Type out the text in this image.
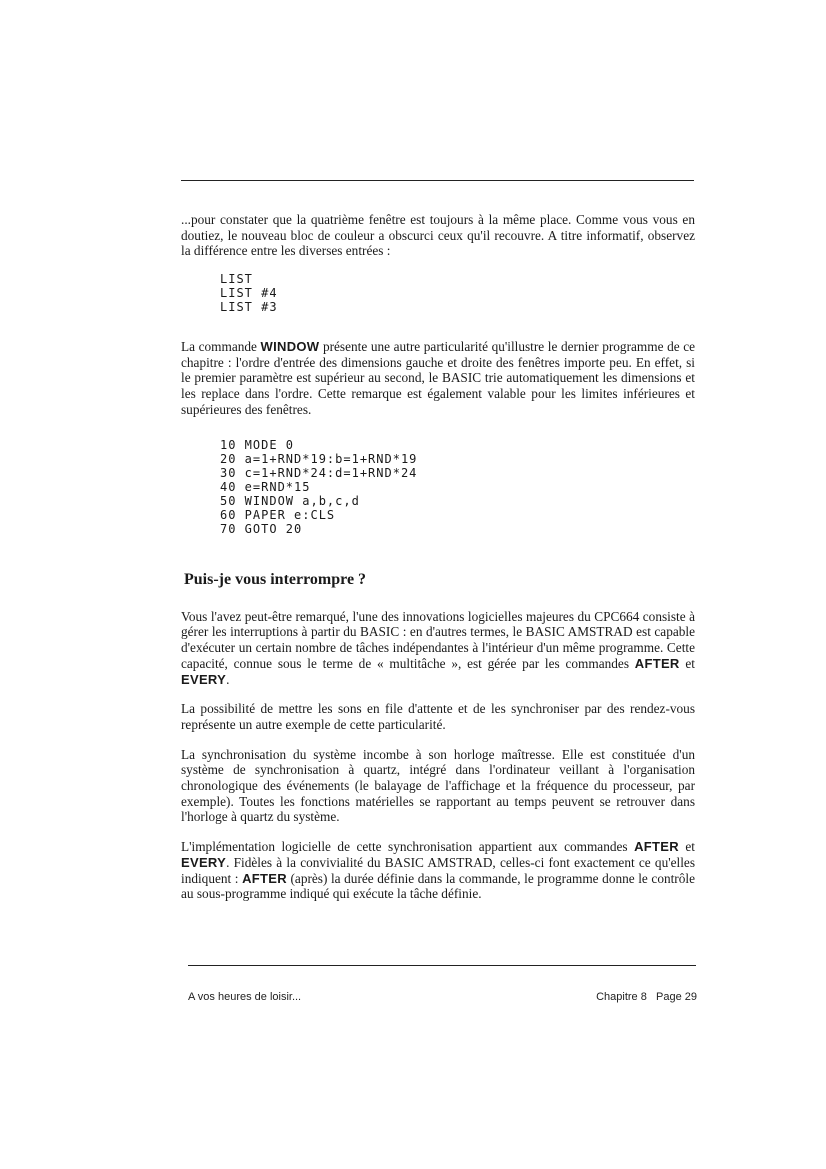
...pour constater que la quatrième fenêtre est toujours à la même place. Comme vous vous en doutiez, le nouveau bloc de couleur a obscurci ceux qu'il recouvre. A titre informatif, observez la différence entre les diverses entrées :

LIST
LIST #4
LIST #3

La commande WINDOW présente une autre particularité qu'illustre le dernier programme de ce chapitre : l'ordre d'entrée des dimensions gauche et droite des fenêtres importe peu. En effet, si le premier paramètre est supérieur au second, le BASIC trie automatiquement les dimensions et les replace dans l'ordre. Cette remarque est également valable pour les limites inférieures et supérieures des fenêtres.

10 MODE 0
20 a=1+RND*19:b=1+RND*19
30 c=1+RND*24:d=1+RND*24
40 e=RND*15
50 WINDOW a,b,c,d
60 PAPER e:CLS
70 GOTO 20
Puis-je vous interrompre ?

Vous l'avez peut-être remarqué, l'une des innovations logicielles majeures du CPC664 consiste à gérer les interruptions à partir du BASIC : en d'autres termes, le BASIC AMSTRAD est capable d'exécuter un certain nombre de tâches indépendantes à l'intérieur d'un même programme. Cette capacité, connue sous le terme de « multitâche », est gérée par les commandes AFTER et EVERY.

La possibilité de mettre les sons en file d'attente et de les synchroniser par des rendez-vous représente un autre exemple de cette particularité.

La synchronisation du système incombe à son horloge maîtresse. Elle est constituée d'un système de synchronisation à quartz, intégré dans l'ordinateur veillant à l'organisation chronologique des événements (le balayage de l'affichage et la fréquence du processeur, par exemple). Toutes les fonctions matérielles se rapportant au temps peuvent se retrouver dans l'horloge à quartz du système.

L'implémentation logicielle de cette synchronisation appartient aux commandes AFTER et EVERY. Fidèles à la convivialité du BASIC AMSTRAD, celles-ci font exactement ce qu'elles indiquent : AFTER (après) la durée définie dans la commande, le programme donne le contrôle au sous-programme indiqué qui exécute la tâche définie.

A vos heures de loisir...	Chapitre 8   Page 29
